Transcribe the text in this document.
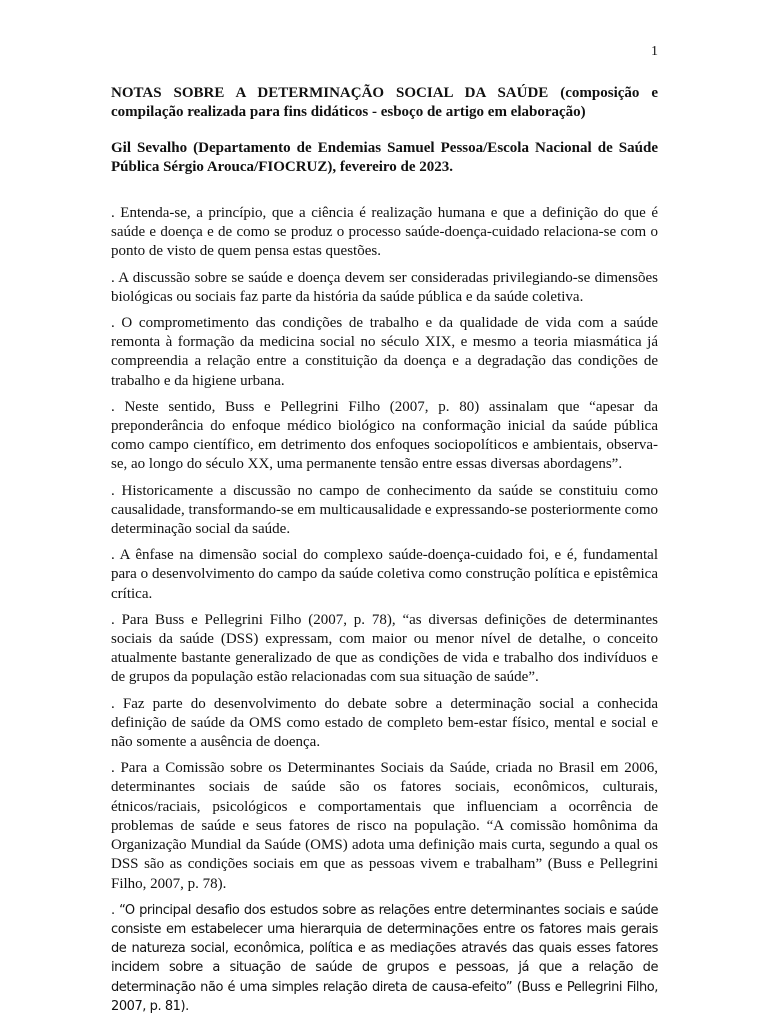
1

NOTAS SOBRE A DETERMINAÇÃO SOCIAL DA SAÚDE (composição e compilação realizada para fins didáticos - esboço de artigo em elaboração)

Gil Sevalho (Departamento de Endemias Samuel Pessoa/Escola Nacional de Saúde Pública Sérgio Arouca/FIOCRUZ), fevereiro de 2023.

. Entenda-se, a princípio, que a ciência é realização humana e que a definição do que é saúde e doença e de como se produz o processo saúde-doença-cuidado relaciona-se com o ponto de visto de quem pensa estas questões.

. A discussão sobre se saúde e doença devem ser consideradas privilegiando-se dimensões biológicas ou sociais faz parte da história da saúde pública e da saúde coletiva.

. O comprometimento das condições de trabalho e da qualidade de vida com a saúde remonta à formação da medicina social no século XIX, e mesmo a teoria miasmática já compreendia a relação entre a constituição da doença e a degradação das condições de trabalho e da higiene urbana.

. Neste sentido, Buss e Pellegrini Filho (2007, p. 80) assinalam que “apesar da preponderância do enfoque médico biológico na conformação inicial da saúde pública como campo científico, em detrimento dos enfoques sociopolíticos e ambientais, observa-se, ao longo do século XX, uma permanente tensão entre essas diversas abordagens”.

. Historicamente a discussão no campo de conhecimento da saúde se constituiu como causalidade, transformando-se em multicausalidade e expressando-se posteriormente como determinação social da saúde.

. A ênfase na dimensão social do complexo saúde-doença-cuidado foi, e é, fundamental para o desenvolvimento do campo da saúde coletiva como construção política e epistêmica crítica.

. Para Buss e Pellegrini Filho (2007, p. 78), “as diversas definições de determinantes sociais da saúde (DSS) expressam, com maior ou menor nível de detalhe, o conceito atualmente bastante generalizado de que as condições de vida e trabalho dos indivíduos e de grupos da população estão relacionadas com sua situação de saúde”.

. Faz parte do desenvolvimento do debate sobre a determinação social a conhecida definição de saúde da OMS como estado de completo bem-estar físico, mental e social e não somente a ausência de doença.

. Para a Comissão sobre os Determinantes Sociais da Saúde, criada no Brasil em 2006, determinantes sociais de saúde são os fatores sociais, econômicos, culturais, étnicos/raciais, psicológicos e comportamentais que influenciam a ocorrência de problemas de saúde e seus fatores de risco na população. “A comissão homônima da Organização Mundial da Saúde (OMS) adota uma definição mais curta, segundo a qual os DSS são as condições sociais em que as pessoas vivem e trabalham” (Buss e Pellegrini Filho, 2007, p. 78).

. “O principal desafio dos estudos sobre as relações entre determinantes sociais e saúde consiste em estabelecer uma hierarquia de determinações entre os fatores mais gerais de natureza social, econômica, política e as mediações através das quais esses fatores incidem sobre a situação de saúde de grupos e pessoas, já que a relação de determinação não é uma simples relação direta de causa-efeito” (Buss e Pellegrini Filho, 2007, p. 81).
